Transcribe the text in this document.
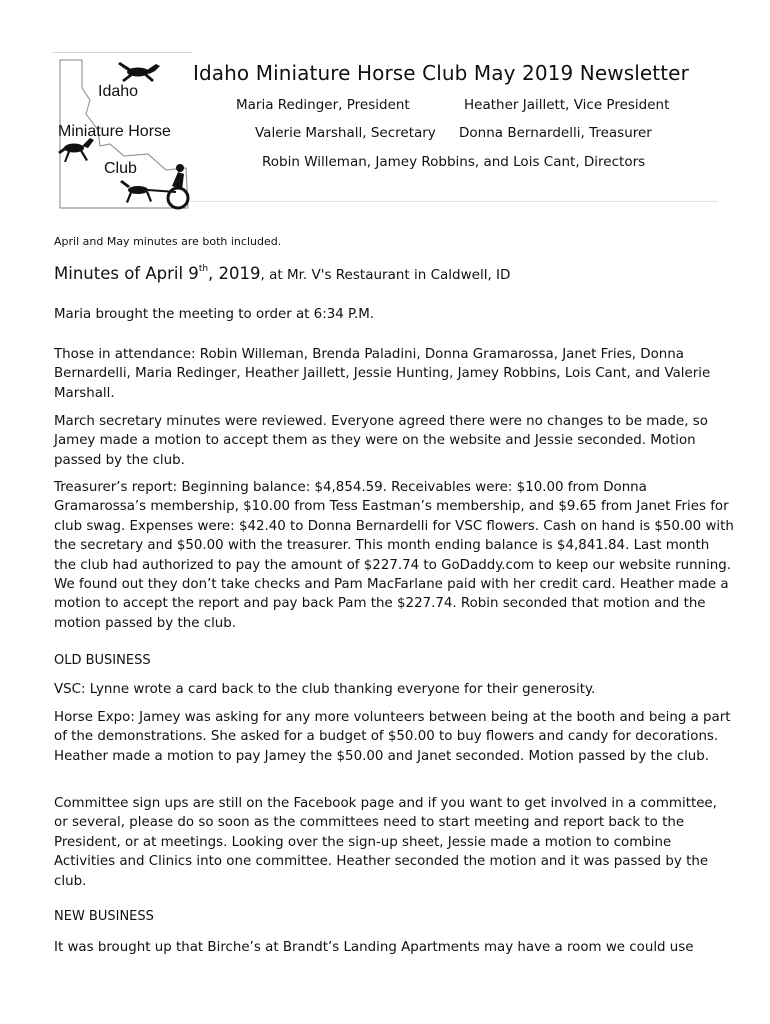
Idaho
Miniature Horse
Club
Idaho Miniature Horse Club May 2019 Newsletter
Maria Redinger, President	Heather Jaillett, Vice President
Valerie Marshall, Secretary Donna Bernardelli, Treasurer
Robin Willeman, Jamey Robbins, and Lois Cant, Directors
April and May minutes are both included.
Minutes of April 9th, 2019, at Mr. V's Restaurant in Caldwell, ID

Maria brought the meeting to order at 6:34 P.M.

Those in attendance: Robin Willeman, Brenda Paladini, Donna Gramarossa, Janet Fries, Donna Bernardelli, Maria Redinger, Heather Jaillett, Jessie Hunting, Jamey Robbins, Lois Cant, and Valerie Marshall.

March secretary minutes were reviewed. Everyone agreed there were no changes to be made, so Jamey made a motion to accept them as they were on the website and Jessie seconded. Motion passed by the club.

Treasurer’s report: Beginning balance: $4,854.59. Receivables were: $10.00 from Donna Gramarossa’s membership, $10.00 from Tess Eastman’s membership, and $9.65 from Janet Fries for club swag. Expenses were: $42.40 to Donna Bernardelli for VSC flowers. Cash on hand is $50.00 with the secretary and $50.00 with the treasurer. This month ending balance is $4,841.84. Last month the club had authorized to pay the amount of $227.74 to GoDaddy.com to keep our website running. We found out they don’t take checks and Pam MacFarlane paid with her credit card. Heather made a motion to accept the report and pay back Pam the $227.74. Robin seconded that motion and the motion passed by the club.

OLD BUSINESS

VSC: Lynne wrote a card back to the club thanking everyone for their generosity.

Horse Expo: Jamey was asking for any more volunteers between being at the booth and being a part of the demonstrations. She asked for a budget of $50.00 to buy flowers and candy for decorations. Heather made a motion to pay Jamey the $50.00 and Janet seconded. Motion passed by the club.

Committee sign ups are still on the Facebook page and if you want to get involved in a committee, or several, please do so soon as the committees need to start meeting and report back to the President, or at meetings. Looking over the sign-up sheet, Jessie made a motion to combine Activities and Clinics into one committee. Heather seconded the motion and it was passed by the club.

NEW BUSINESS

It was brought up that Birche’s at Brandt’s Landing Apartments may have a room we could use
